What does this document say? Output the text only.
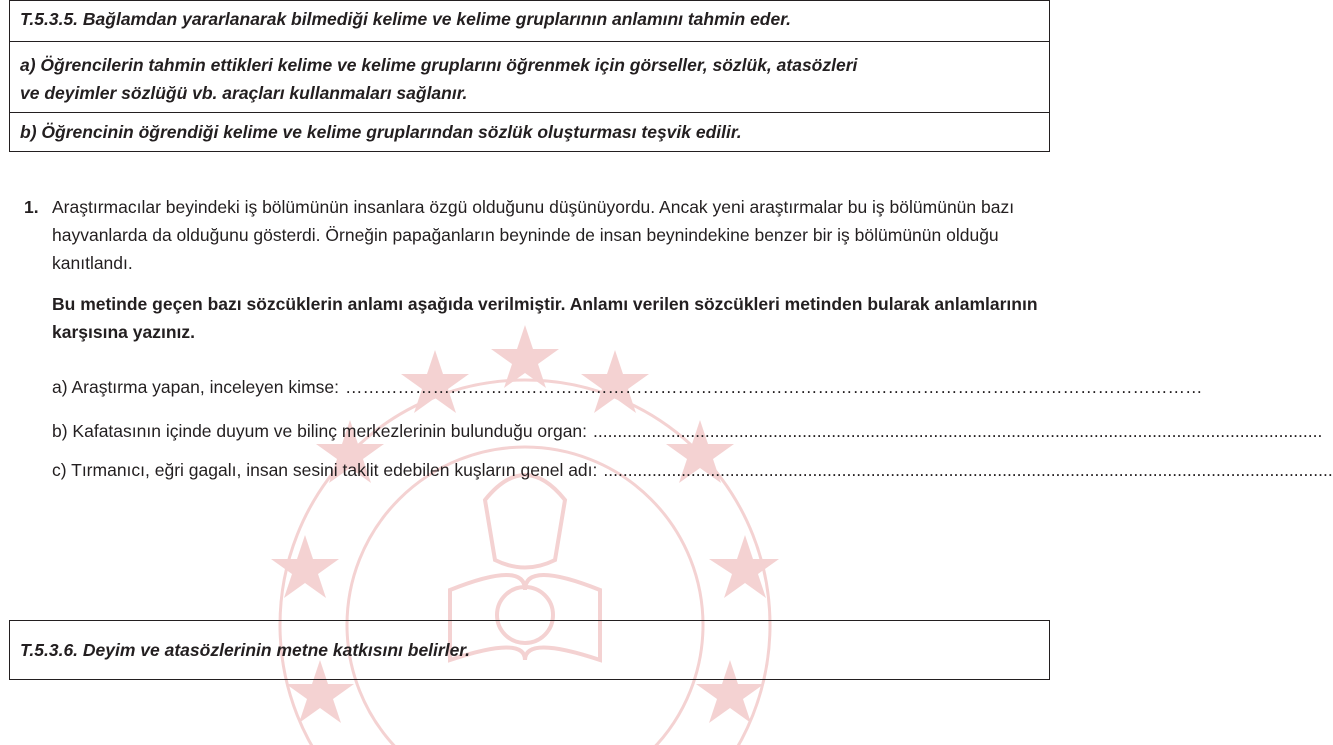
T.5.3.5. Bağlamdan yararlanarak bilmediği kelime ve kelime gruplarının anlamını tahmin eder.

a) Öğrencilerin tahmin ettikleri kelime ve kelime gruplarını öğrenmek için görseller, sözlük, atasözleri

ve deyimler sözlüğü vb. araçları kullanmaları sağlanır.

b) Öğrencinin öğrendiği kelime ve kelime gruplarından sözlük oluşturması teşvik edilir.

1. Araştırmacılar beyindeki iş bölümünün insanlara özgü olduğunu düşünüyordu. Ancak yeni araştırmalar bu iş bölümünün bazı hayvanlarda da olduğunu gösterdi. Örneğin papağanların beyninde de insan beynindekine benzer bir iş bölümünün olduğu kanıtlandı.

Bu metinde geçen bazı sözcüklerin anlamı aşağıda verilmiştir. Anlamı verilen sözcükleri metinden bularak anlamlarının karşısına yazınız.

a) Araştırma yapan, inceleyen kimse: …………………………………………………………………………………………………………………………………
b) Kafatasının içinde duyum ve bilinç merkezlerinin bulunduğu organ: ......................................................................................................................................................
c) Tırmanıcı, eğri gagalı, insan sesini taklit edebilen kuşların genel adı: ......................................................................................................................................................

T.5.3.6. Deyim ve atasözlerinin metne katkısını belirler.
